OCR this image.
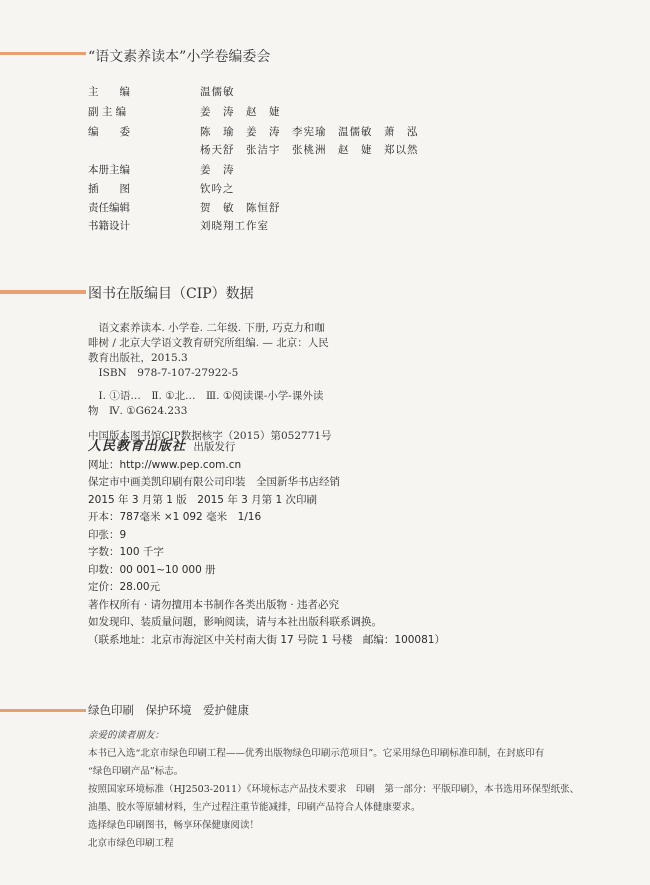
“语文素养读本”小学卷编委会
主　　编	温儒敏
副 主 编	姜　涛　赵　婕
编　　委	陈　瑜　姜　涛　李宪瑜　温儒敏　萧　泓
杨天舒　张洁宇　张桃洲　赵　婕　郑以然
本册主编	姜　涛
插　　图	钦吟之
责任编辑	贺　敏　陈恒舒
书籍设计	刘晓翔工作室
图书在版编目（CIP）数据
　语文素养读本. 小学卷. 二年级. 下册, 巧克力和咖
啡树 / 北京大学语文教育研究所组编. — 北京：人民
教育出版社，2015.3
　ISBN　978-7-107-27922-5
　Ⅰ. ①语…　Ⅱ. ①北…　Ⅲ. ①阅读课-小学-课外读
物　Ⅳ. ①G624.233
中国版本图书馆CIP数据核字（2015）第052771号
人民教育出版社 出版发行
网址：http://www.pep.com.cn
保定市中画美凯印刷有限公司印装　全国新华书店经销
2015 年 3 月第 1 版　2015 年 3 月第 1 次印刷
开本：787毫米 ×1 092 毫米　1/16
印张：9
字数：100 千字
印数：00 001~10 000 册
定价：28.00元
著作权所有 · 请勿擅用本书制作各类出版物 · 违者必究
如发现印、装质量问题，影响阅读，请与本社出版科联系调换。
（联系地址：北京市海淀区中关村南大街 17 号院 1 号楼　邮编：100081）
绿色印刷　保护环境　爱护健康
亲爱的读者朋友：
本书已入选“北京市绿色印刷工程——优秀出版物绿色印刷示范项目”。它采用绿色印刷标准印制，在封底印有
“绿色印刷产品”标志。
按照国家环境标准（HJ2503-2011）《环境标志产品技术要求　印刷　第一部分：平版印刷》，本书选用环保型纸张、
油墨、胶水等原辅材料，生产过程注重节能减排，印刷产品符合人体健康要求。
选择绿色印刷图书，畅享环保健康阅读！
北京市绿色印刷工程
